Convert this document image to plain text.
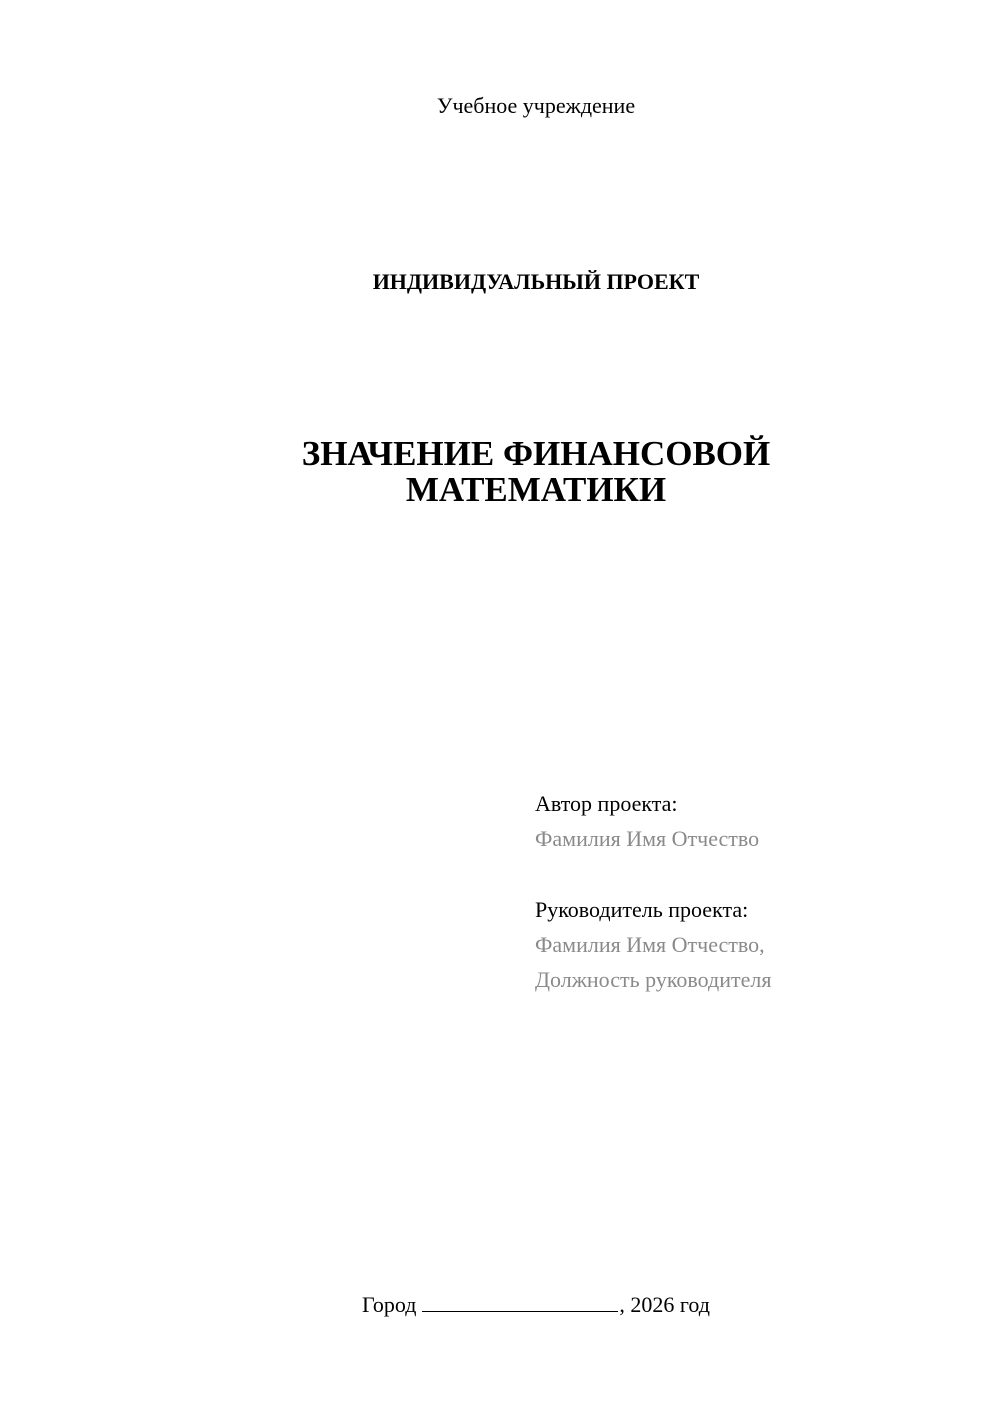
Учебное учреждение
ИНДИВИДУАЛЬНЫЙ ПРОЕКТ
ЗНАЧЕНИЕ ФИНАНСОВОЙ
МАТЕМАТИКИ
Автор проекта:
Фамилия Имя Отчество
Руководитель проекта:
Фамилия Имя Отчество,
Должность руководителя
Город	, 2026 год
